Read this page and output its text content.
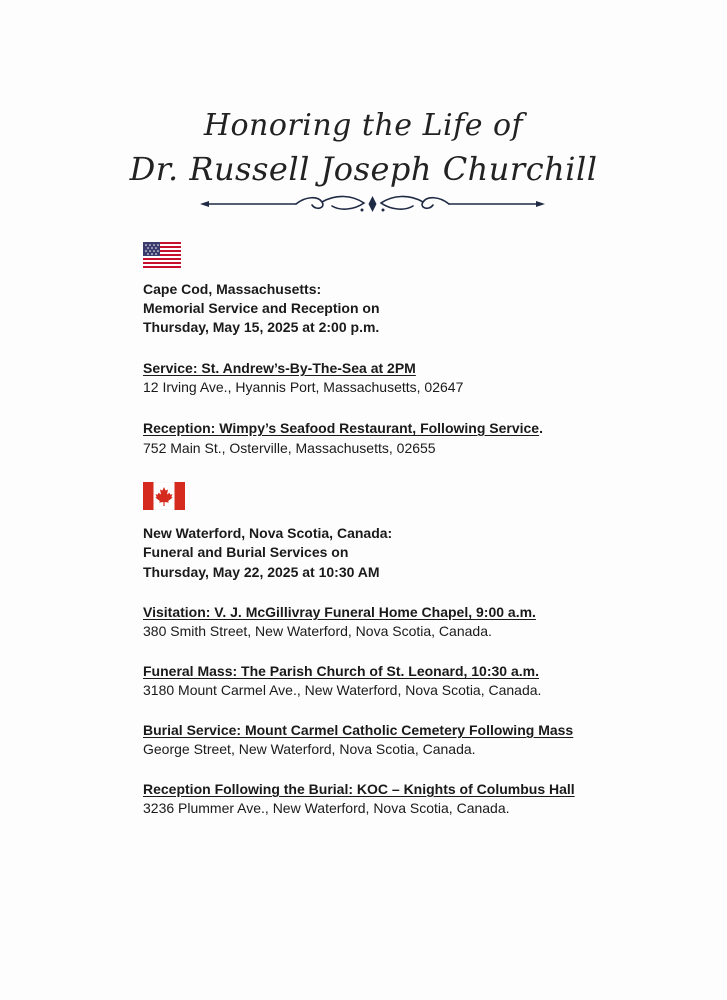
Honoring the Life of
Dr. Russell Joseph Churchill
Cape Cod, Massachusetts:
Memorial Service and Reception on
Thursday, May 15, 2025 at 2:00 p.m.
Service: St. Andrew’s-By-The-Sea at 2PM
12 Irving Ave., Hyannis Port, Massachusetts, 02647
Reception: Wimpy’s Seafood Restaurant, Following Service.
752 Main St., Osterville, Massachusetts, 02655
New Waterford, Nova Scotia, Canada:
Funeral and Burial Services on
Thursday, May 22, 2025 at 10:30 AM
Visitation: V. J. McGillivray Funeral Home Chapel, 9:00 a.m.
380 Smith Street, New Waterford, Nova Scotia, Canada.
Funeral Mass: The Parish Church of St. Leonard, 10:30 a.m.
3180 Mount Carmel Ave., New Waterford, Nova Scotia, Canada.
Burial Service: Mount Carmel Catholic Cemetery Following Mass
George Street, New Waterford, Nova Scotia, Canada.
Reception Following the Burial: KOC – Knights of Columbus Hall
3236 Plummer Ave., New Waterford, Nova Scotia, Canada.
